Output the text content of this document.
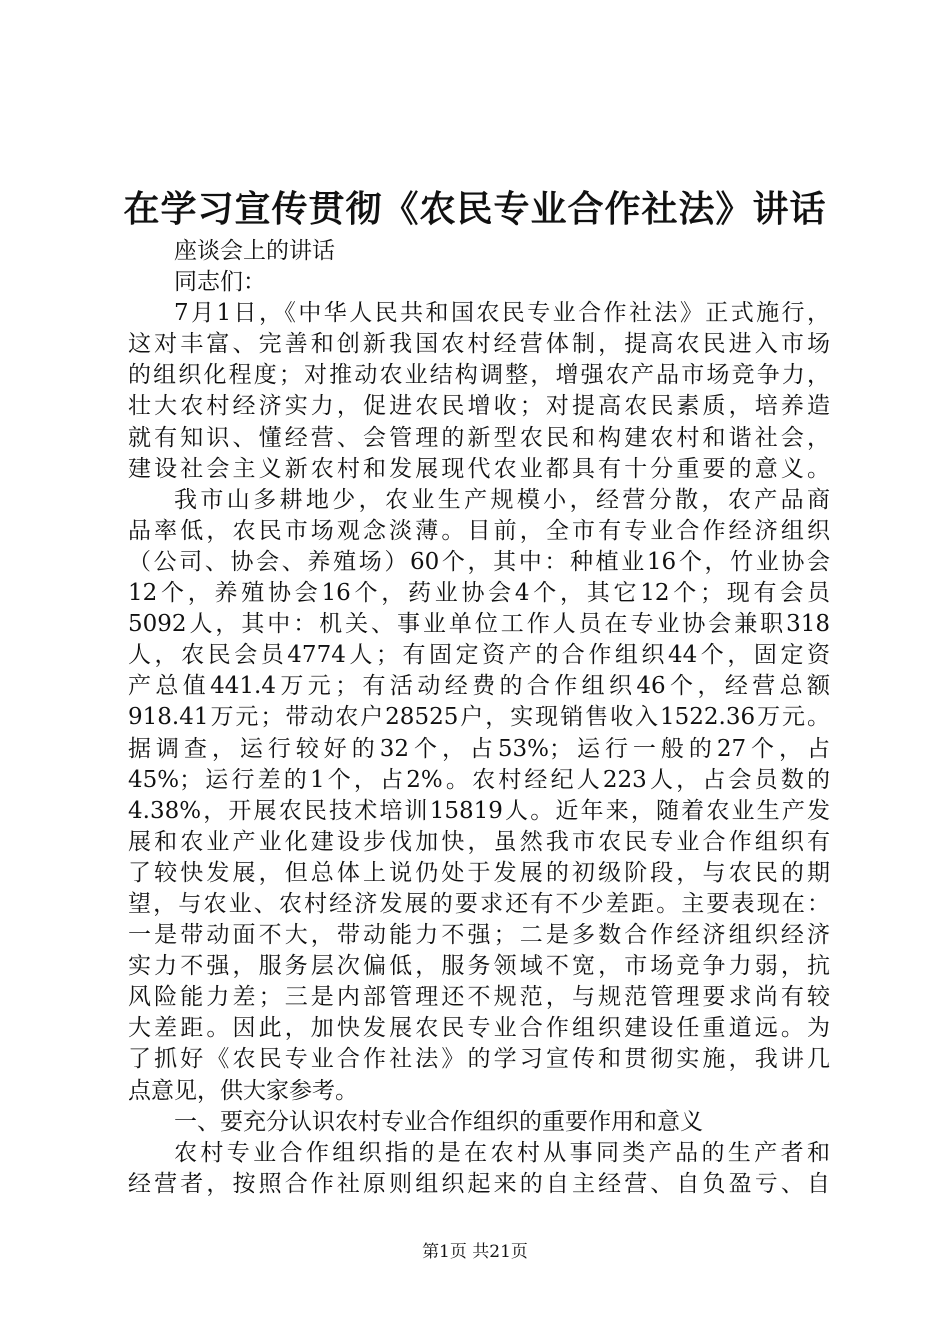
在学习宣传贯彻《农民专业合作社法》讲话
座谈会上的讲话
同志们：
7月1日，《中华人民共和国农民专业合作社法》正式施行，
这对丰富、完善和创新我国农村经营体制，提高农民进入市场
的组织化程度；对推动农业结构调整，增强农产品市场竞争力，
壮大农村经济实力，促进农民增收；对提高农民素质，培养造
就有知识、懂经营、会管理的新型农民和构建农村和谐社会，
建设社会主义新农村和发展现代农业都具有十分重要的意义。
我市山多耕地少，农业生产规模小，经营分散，农产品商
品率低，农民市场观念淡薄。目前，全市有专业合作经济组织
（公司、协会、养殖场）60个，其中：种植业16个，竹业协会
12个，养殖协会16个，药业协会4个，其它12个；现有会员
5092人，其中：机关、事业单位工作人员在专业协会兼职318
人，农民会员4774人；有固定资产的合作组织44个，固定资
产总值441.4万元；有活动经费的合作组织46个，经营总额
918.41万元；带动农户28525户，实现销售收入1522.36万元。
据调查，运行较好的32个，占53%；运行一般的27个，占
45%；运行差的1个，占2%。农村经纪人223人，占会员数的
4.38%，开展农民技术培训15819人。近年来，随着农业生产发
展和农业产业化建设步伐加快，虽然我市农民专业合作组织有
了较快发展，但总体上说仍处于发展的初级阶段，与农民的期
望，与农业、农村经济发展的要求还有不少差距。主要表现在：
一是带动面不大，带动能力不强；二是多数合作经济组织经济
实力不强，服务层次偏低，服务领域不宽，市场竞争力弱，抗
风险能力差；三是内部管理还不规范，与规范管理要求尚有较
大差距。因此，加快发展农民专业合作组织建设任重道远。为
了抓好《农民专业合作社法》的学习宣传和贯彻实施，我讲几
点意见，供大家参考。
一、要充分认识农村专业合作组织的重要作用和意义
农村专业合作组织指的是在农村从事同类产品的生产者和
经营者，按照合作社原则组织起来的自主经营、自负盈亏、自
第1页 共21页
